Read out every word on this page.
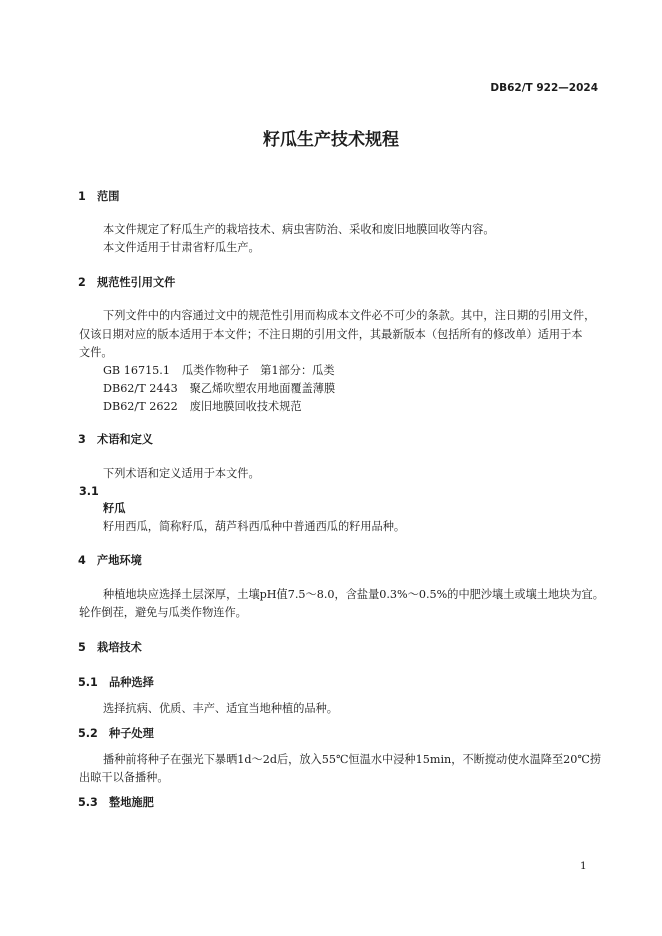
DB62/T 922—2024
籽瓜生产技术规程
1 范围
本文件规定了籽瓜生产的栽培技术、病虫害防治、采收和废旧地膜回收等内容。
本文件适用于甘肃省籽瓜生产。
2 规范性引用文件
下列文件中的内容通过文中的规范性引用而构成本文件必不可少的条款。其中，注日期的引用文件，
仅该日期对应的版本适用于本文件；不注日期的引用文件，其最新版本（包括所有的修改单）适用于本
文件。
GB 16715.1 瓜类作物种子　第1部分：瓜类
DB62/T 2443 聚乙烯吹塑农用地面覆盖薄膜
DB62/T 2622 废旧地膜回收技术规范
3 术语和定义
下列术语和定义适用于本文件。
3.1
籽瓜
籽用西瓜，简称籽瓜，葫芦科西瓜种中普通西瓜的籽用品种。
4 产地环境
种植地块应选择土层深厚，土壤pH值7.5～8.0，含盐量0.3%～0.5%的中肥沙壤土或壤土地块为宜。
轮作倒茬，避免与瓜类作物连作。
5 栽培技术
5.1 品种选择
选择抗病、优质、丰产、适宜当地种植的品种。
5.2 种子处理
播种前将种子在强光下暴晒1d～2d后，放入55℃恒温水中浸种15min，不断搅动使水温降至20℃捞
出晾干以备播种。
5.3 整地施肥
1
